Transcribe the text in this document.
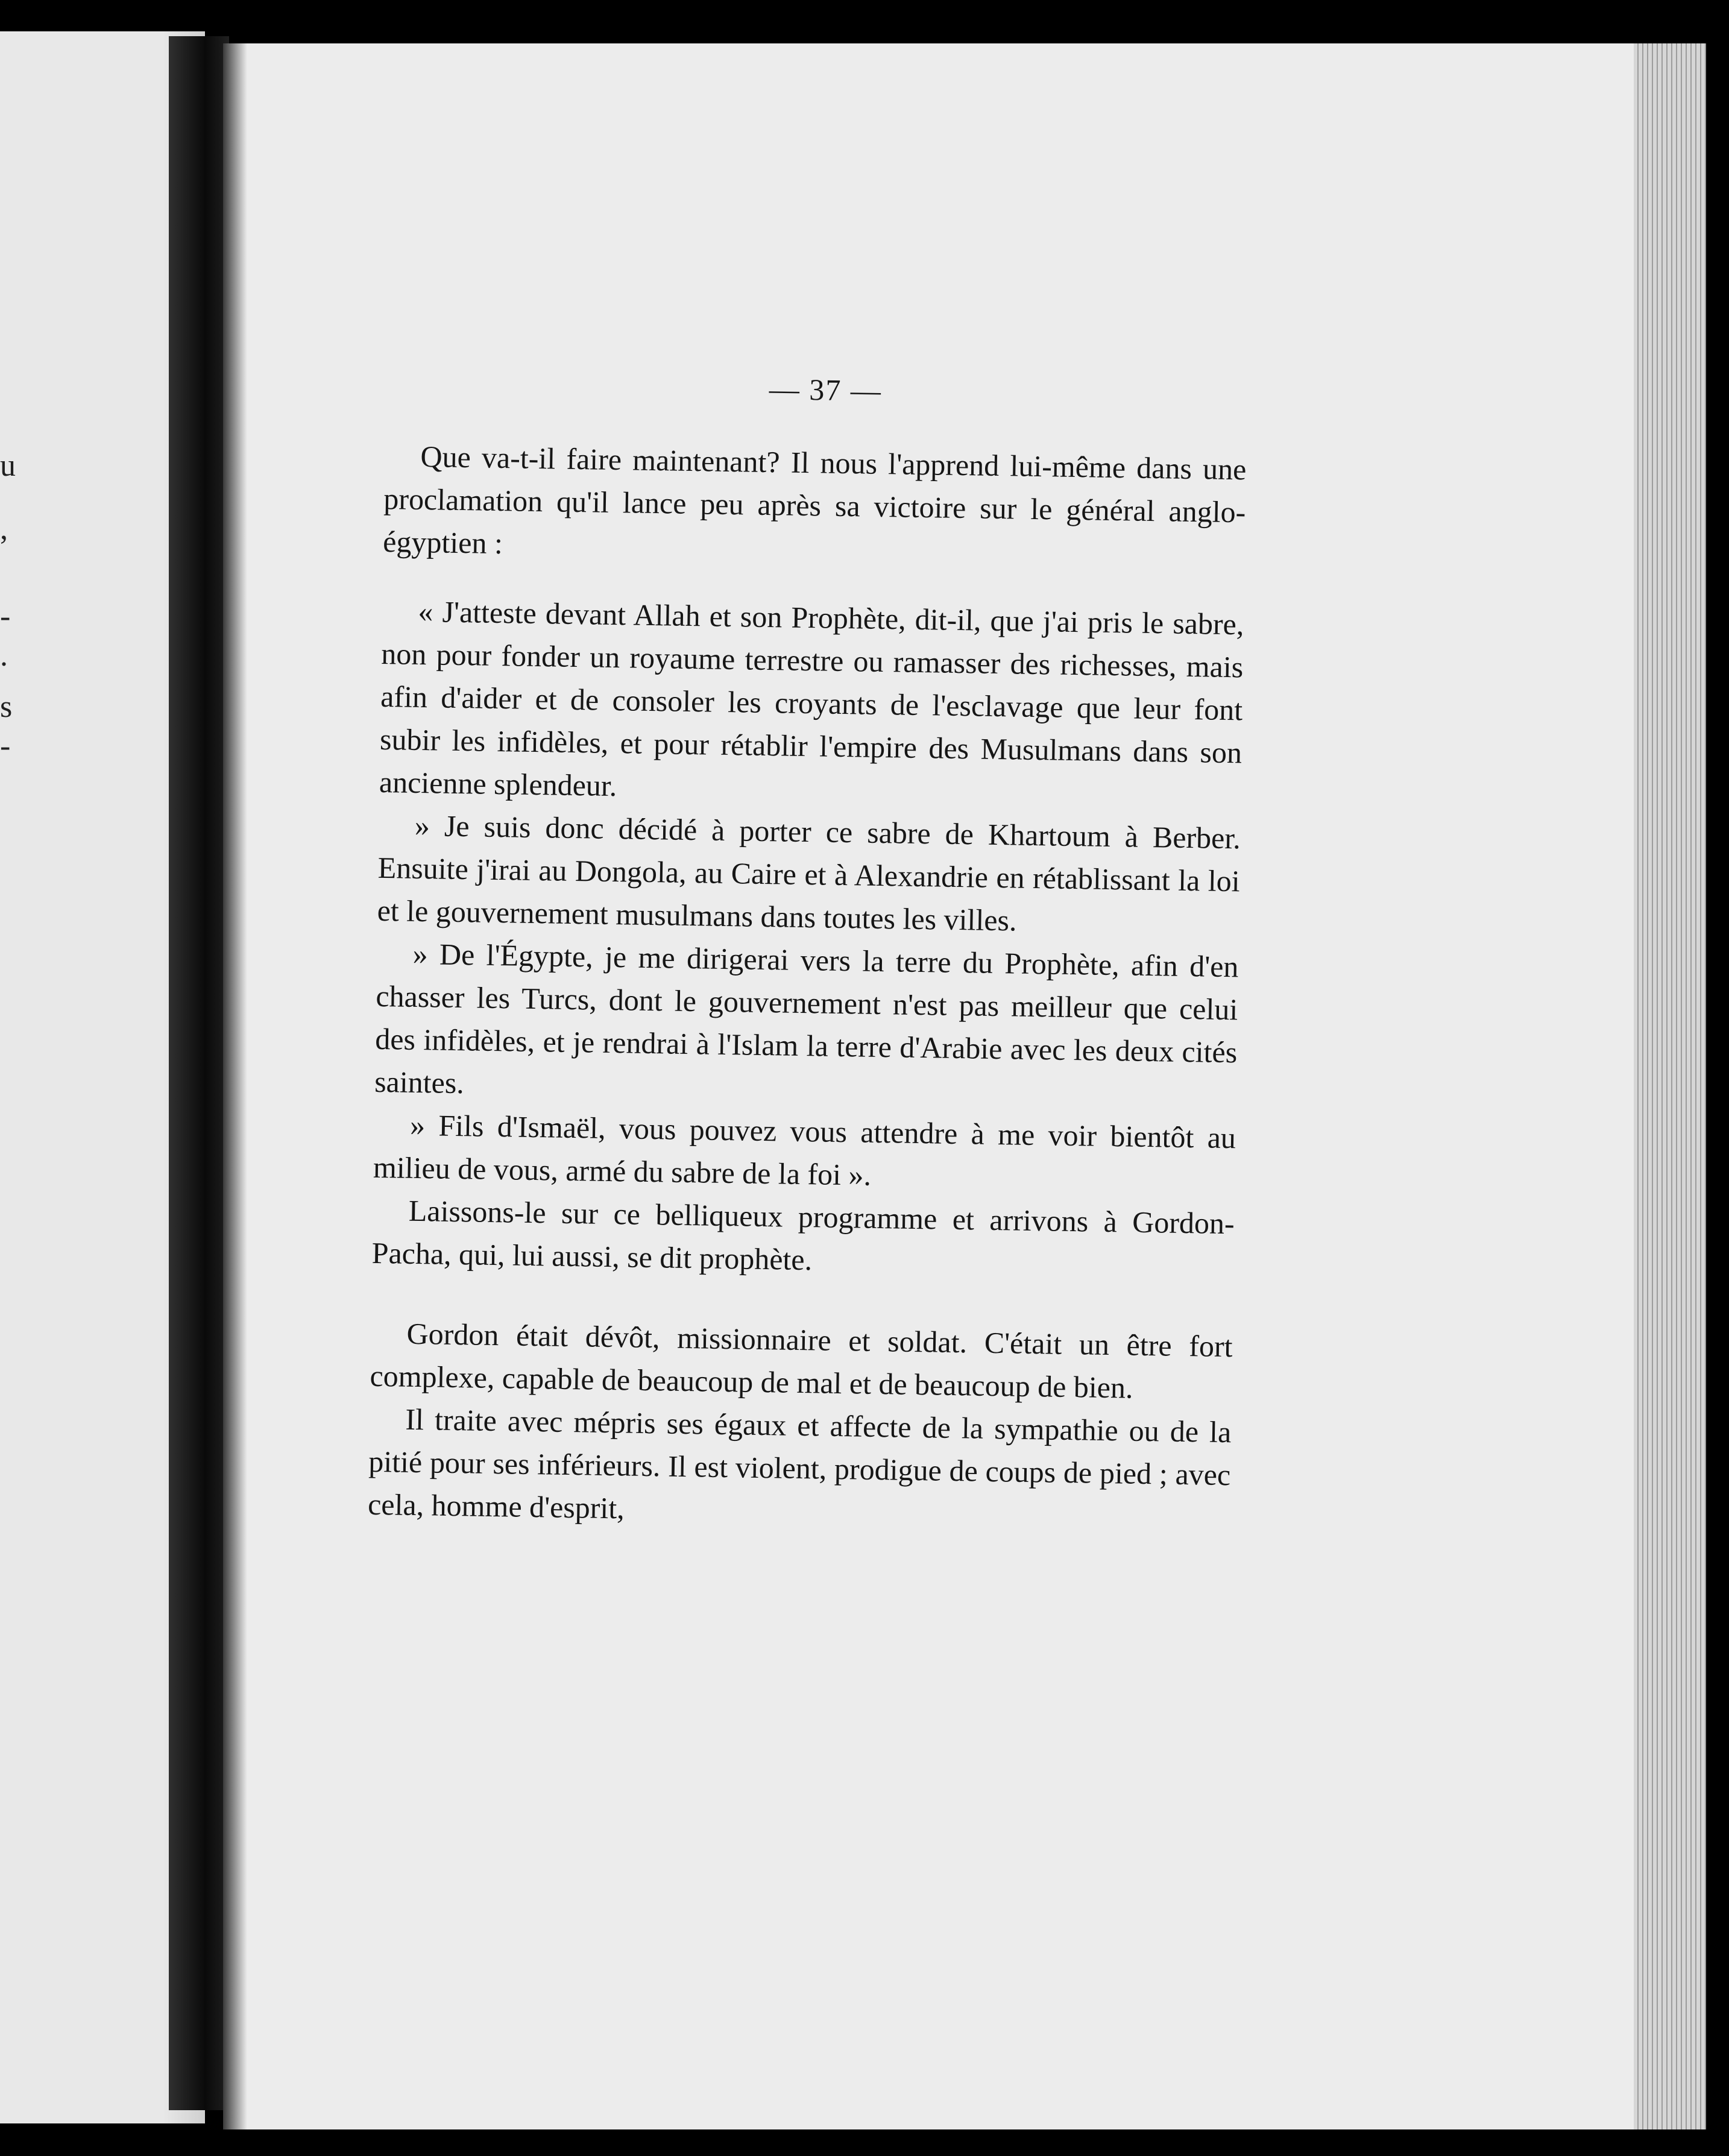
u
,
-
.
s
-
— 37 —

Que va-t-il faire maintenant? Il nous l'apprend lui-même dans une proclamation qu'il lance peu après sa victoire sur le général anglo-égyptien :

« J'atteste devant Allah et son Prophète, dit-il, que j'ai pris le sabre, non pour fonder un royaume terrestre ou ramasser des richesses, mais afin d'aider et de consoler les croyants de l'esclavage que leur font subir les infidèles, et pour rétablir l'empire des Musulmans dans son ancienne splendeur.

» Je suis donc décidé à porter ce sabre de Khartoum à Berber. Ensuite j'irai au Dongola, au Caire et à Alexandrie en rétablissant la loi et le gouvernement musulmans dans toutes les villes.

» De l'Égypte, je me dirigerai vers la terre du Prophète, afin d'en chasser les Turcs, dont le gouvernement n'est pas meilleur que celui des infidèles, et je rendrai à l'Islam la terre d'Arabie avec les deux cités saintes.

» Fils d'Ismaël, vous pouvez vous attendre à me voir bientôt au milieu de vous, armé du sabre de la foi ».

Laissons-le sur ce belliqueux programme et arrivons à Gordon-Pacha, qui, lui aussi, se dit prophète.

Gordon était dévôt, missionnaire et soldat. C'était un être fort complexe, capable de beaucoup de mal et de beaucoup de bien.

Il traite avec mépris ses égaux et affecte de la sympathie ou de la pitié pour ses inférieurs. Il est violent, prodigue de coups de pied ; avec cela, homme d'esprit,
